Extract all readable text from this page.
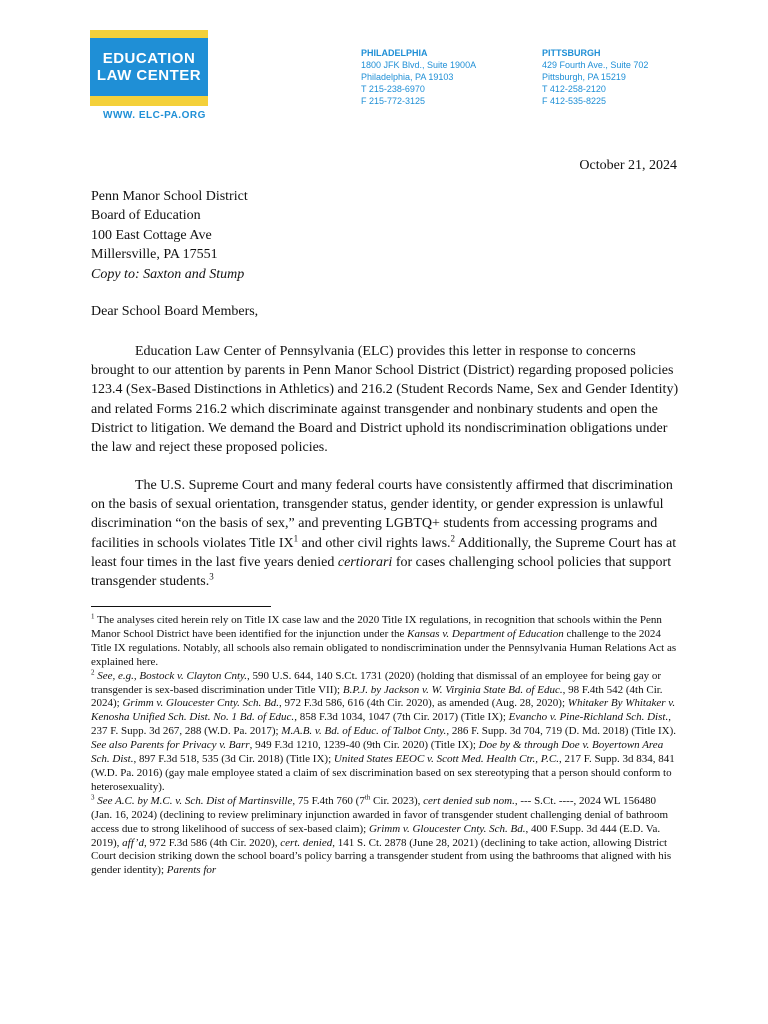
EDUCATION
LAW CENTER
WWW. ELC-PA.ORG
PHILADELPHIA
1800 JFK Blvd., Suite 1900A
Philadelphia, PA 19103
T 215-238-6970
F 215-772-3125
PITTSBURGH
429 Fourth Ave., Suite 702
Pittsburgh, PA 15219
T 412-258-2120
F 412-535-8225
October 21, 2024
Penn Manor School District
Board of Education
100 East Cottage Ave
Millersville, PA 17551
Copy to: Saxton and Stump
Dear School Board Members,

Education Law Center of Pennsylvania (ELC) provides this letter in response to concerns brought to our attention by parents in Penn Manor School District (District) regarding proposed policies 123.4 (Sex-Based Distinctions in Athletics) and 216.2 (Student Records Name, Sex and Gender Identity) and related Forms 216.2 which discriminate against transgender and nonbinary students and open the District to litigation. We demand the Board and District uphold its nondiscrimination obligations under the law and reject these proposed policies.

The U.S. Supreme Court and many federal courts have consistently affirmed that discrimination on the basis of sexual orientation, transgender status, gender identity, or gender expression is unlawful discrimination “on the basis of sex,” and preventing LGBTQ+ students from accessing programs and facilities in schools violates Title $IX^1$ and other civil rights laws.$^2$ Additionally, the Supreme Court has at least four times in the last five years denied certiorari for cases challenging school policies that support transgender students.$^3$

$^1$ The analyses cited herein rely on Title IX case law and the 2020 Title IX regulations, in recognition that schools within the Penn Manor School District have been identified for the injunction under the Kansas v. Department of Education challenge to the 2024 Title IX regulations. Notably, all schools also remain obligated to nondiscrimination under the Pennsylvania Human Relations Act as explained here.

$^2$ See, e.g., Bostock v. Clayton Cnty., 590 U.S. 644, 140 S.Ct. 1731 (2020) (holding that dismissal of an employee for being gay or transgender is sex-based discrimination under Title VII); B.P.J. by Jackson v. W. Virginia State Bd. of Educ., 98 F.4th 542 (4th Cir. 2024); Grimm v. Gloucester Cnty. Sch. Bd., 972 F.3d 586, 616 (4th Cir. 2020), as amended (Aug. 28, 2020); Whitaker By Whitaker v. Kenosha Unified Sch. Dist. No. 1 Bd. of Educ., 858 F.3d 1034, 1047 (7th Cir. 2017) (Title IX); Evancho v. Pine-Richland Sch. Dist., 237 F. Supp. 3d 267, 288 (W.D. Pa. 2017); M.A.B. v. Bd. of Educ. of Talbot Cnty., 286 F. Supp. 3d 704, 719 (D. Md. 2018) (Title IX). See also Parents for Privacy v. Barr, 949 F.3d 1210, 1239-40 (9th Cir. 2020) (Title IX); Doe by & through Doe v. Boyertown Area Sch. Dist., 897 F.3d 518, 535 (3d Cir. 2018) (Title IX); United States EEOC v. Scott Med. Health Ctr., P.C., 217 F. Supp. 3d 834, 841 (W.D. Pa. 2016) (gay male employee stated a claim of sex discrimination based on sex stereotyping that a person should conform to heterosexuality).

$^3$ See A.C. by M.C. v. Sch. Dist of Martinsville, 75 F.4th 760 (7th Cir. 2023), cert denied sub nom., --- S.Ct. ----, 2024 WL 156480 (Jan. 16, 2024) (declining to review preliminary injunction awarded in favor of transgender student challenging denial of bathroom access due to strong likelihood of success of sex-based claim); Grimm v. Gloucester Cnty. Sch. Bd., 400 F.Supp. 3d 444 (E.D. Va. 2019), aff’d, 972 F.3d 586 (4th Cir. 2020), cert. denied, 141 S. Ct. 2878 (June 28, 2021) (declining to take action, allowing District Court decision striking down the school board’s policy barring a transgender student from using the bathrooms that aligned with his gender identity); Parents for
